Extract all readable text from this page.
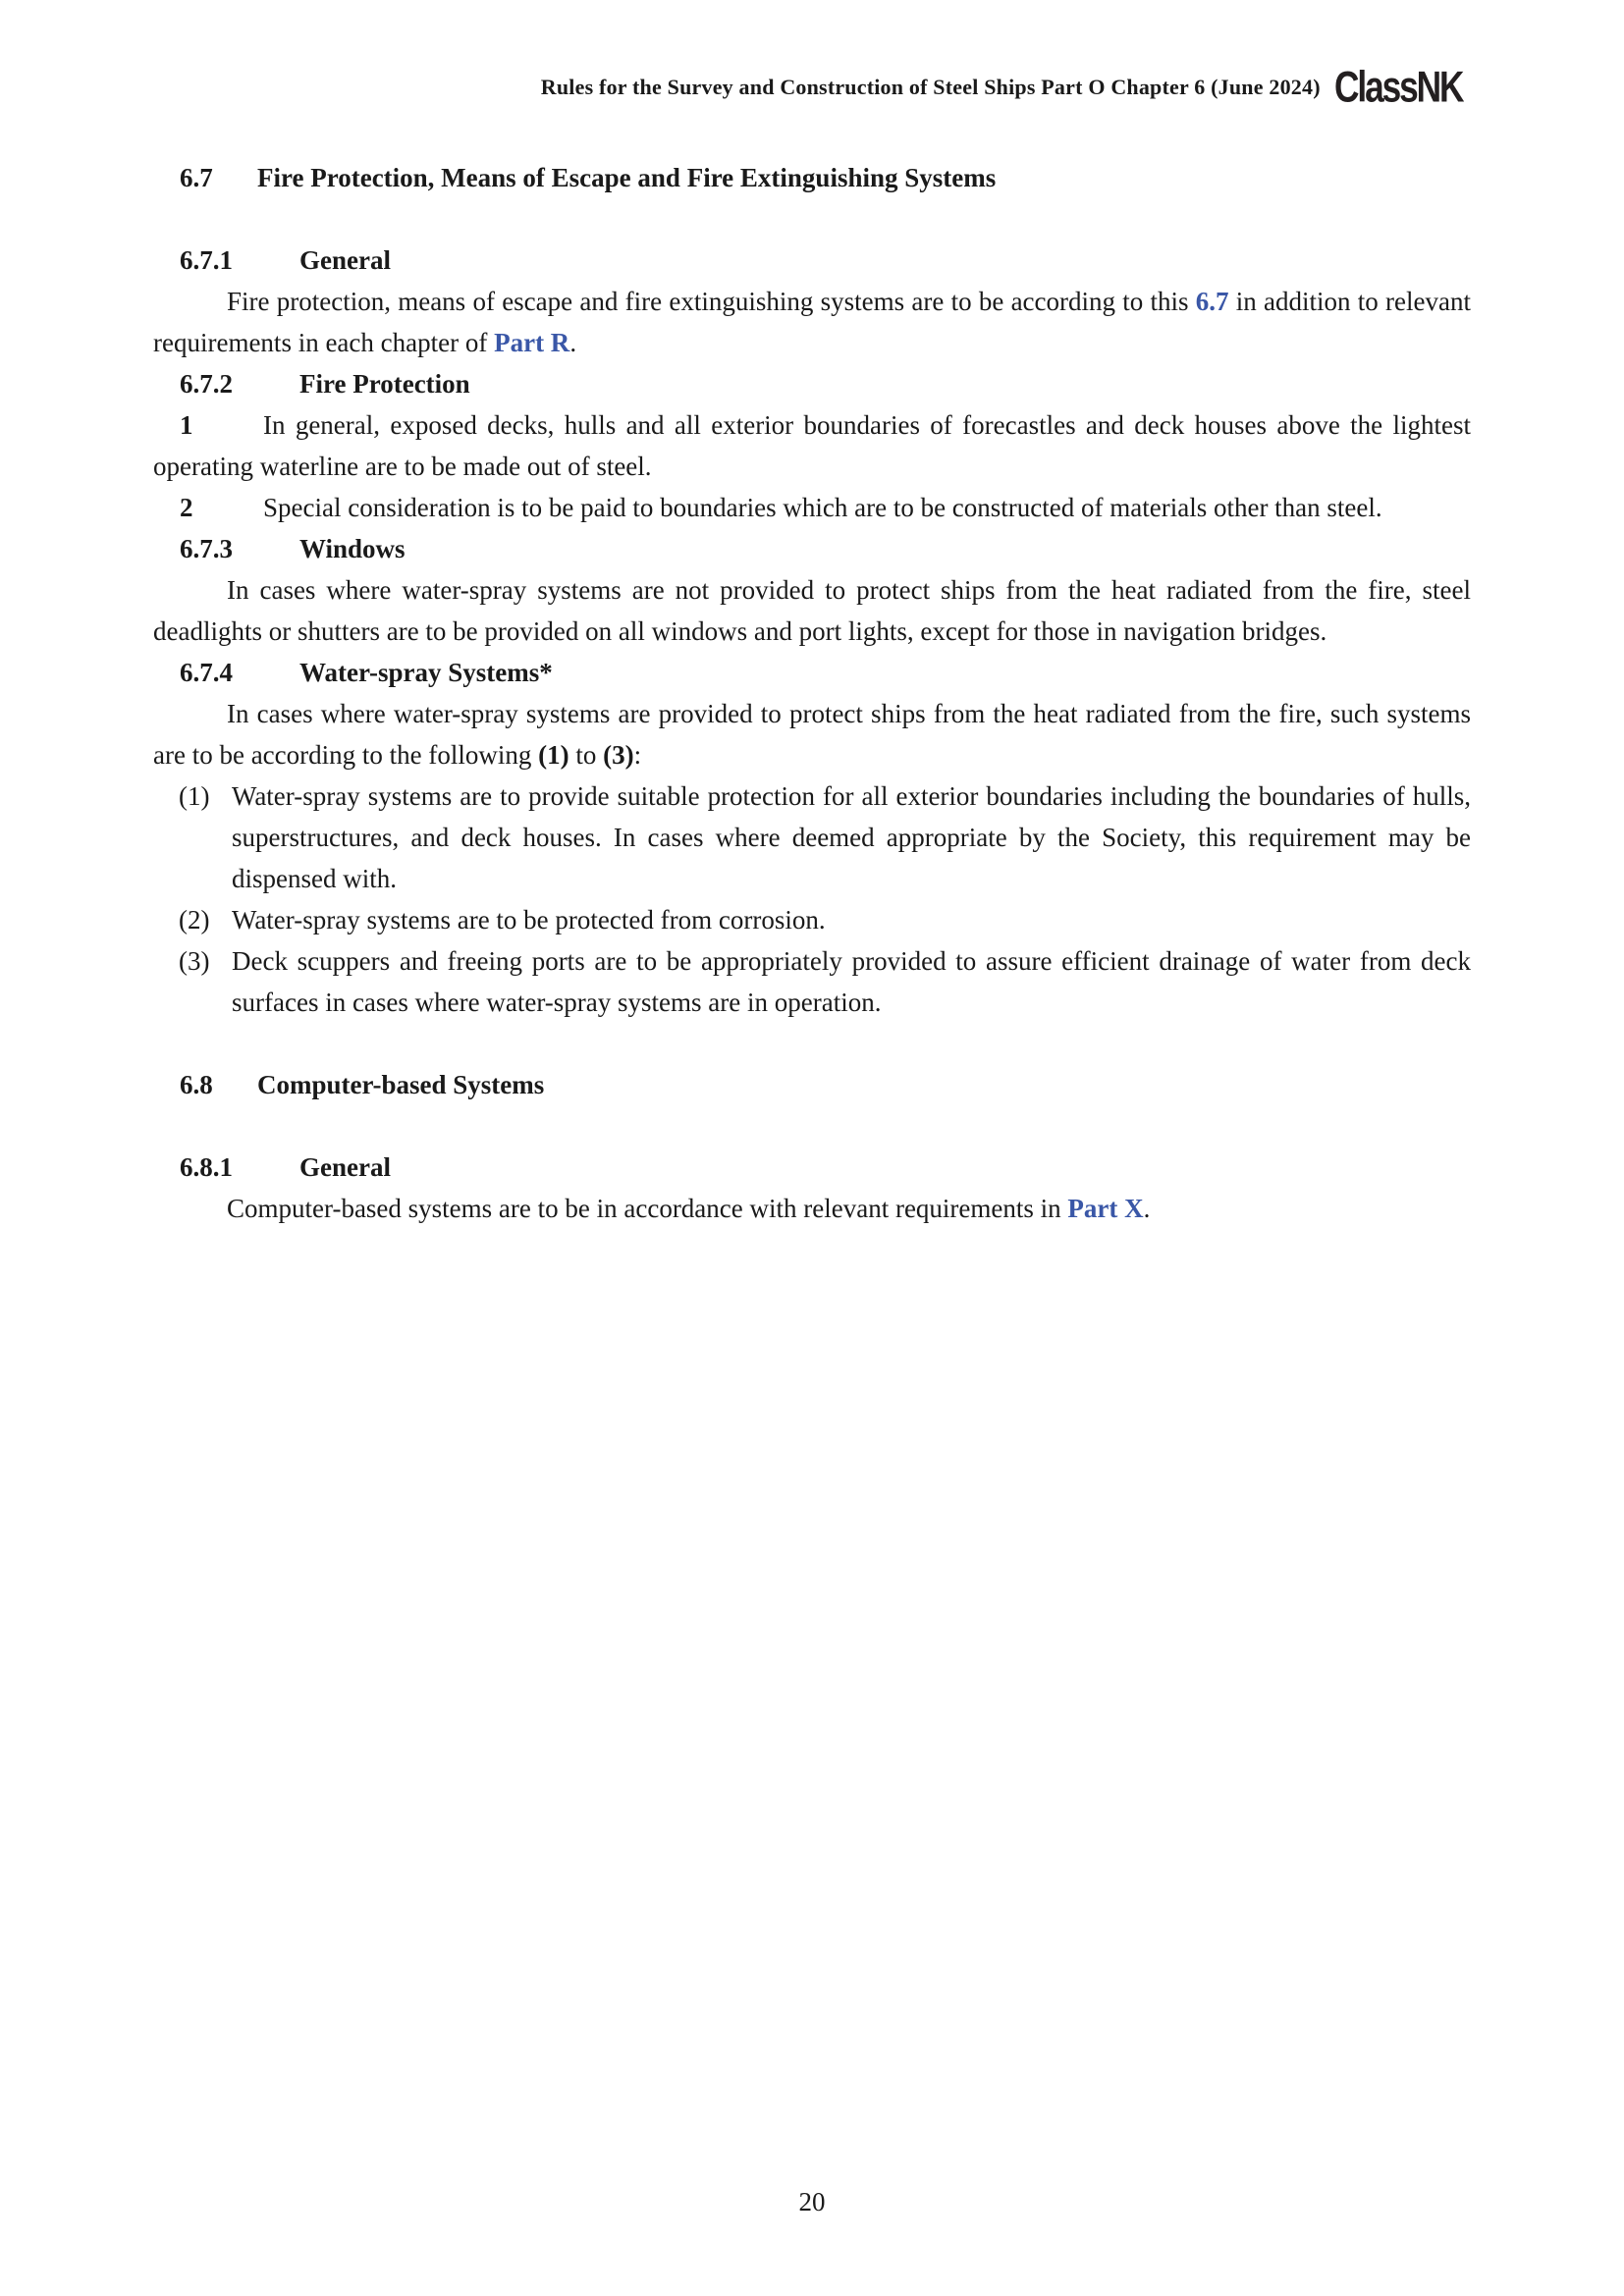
Rules for the Survey and Construction of Steel Ships Part O Chapter 6 (June 2024) ClassNK

6.7 Fire Protection, Means of Escape and Fire Extinguishing Systems

6.7.1	General

Fire protection, means of escape and fire extinguishing systems are to be according to this 6.7 in addition to relevant requirements in each chapter of Part R.

6.7.2	Fire Protection

1	In general, exposed decks, hulls and all exterior boundaries of forecastles and deck houses above the lightest operating waterline are to be made out of steel.

2	Special consideration is to be paid to boundaries which are to be constructed of materials other than steel.

6.7.3	Windows

In cases where water-spray systems are not provided to protect ships from the heat radiated from the fire, steel deadlights or shutters are to be provided on all windows and port lights, except for those in navigation bridges.

6.7.4	Water-spray Systems*

In cases where water-spray systems are provided to protect ships from the heat radiated from the fire, such systems are to be according to the following (1) to (3):

(1) Water-spray systems are to provide suitable protection for all exterior boundaries including the boundaries of hulls, superstructures, and deck houses. In cases where deemed appropriate by the Society, this requirement may be dispensed with.

(2) Water-spray systems are to be protected from corrosion.

(3) Deck scuppers and freeing ports are to be appropriately provided to assure efficient drainage of water from deck surfaces in cases where water-spray systems are in operation.

6.8 Computer-based Systems

6.8.1	General

Computer-based systems are to be in accordance with relevant requirements in Part X.

20
